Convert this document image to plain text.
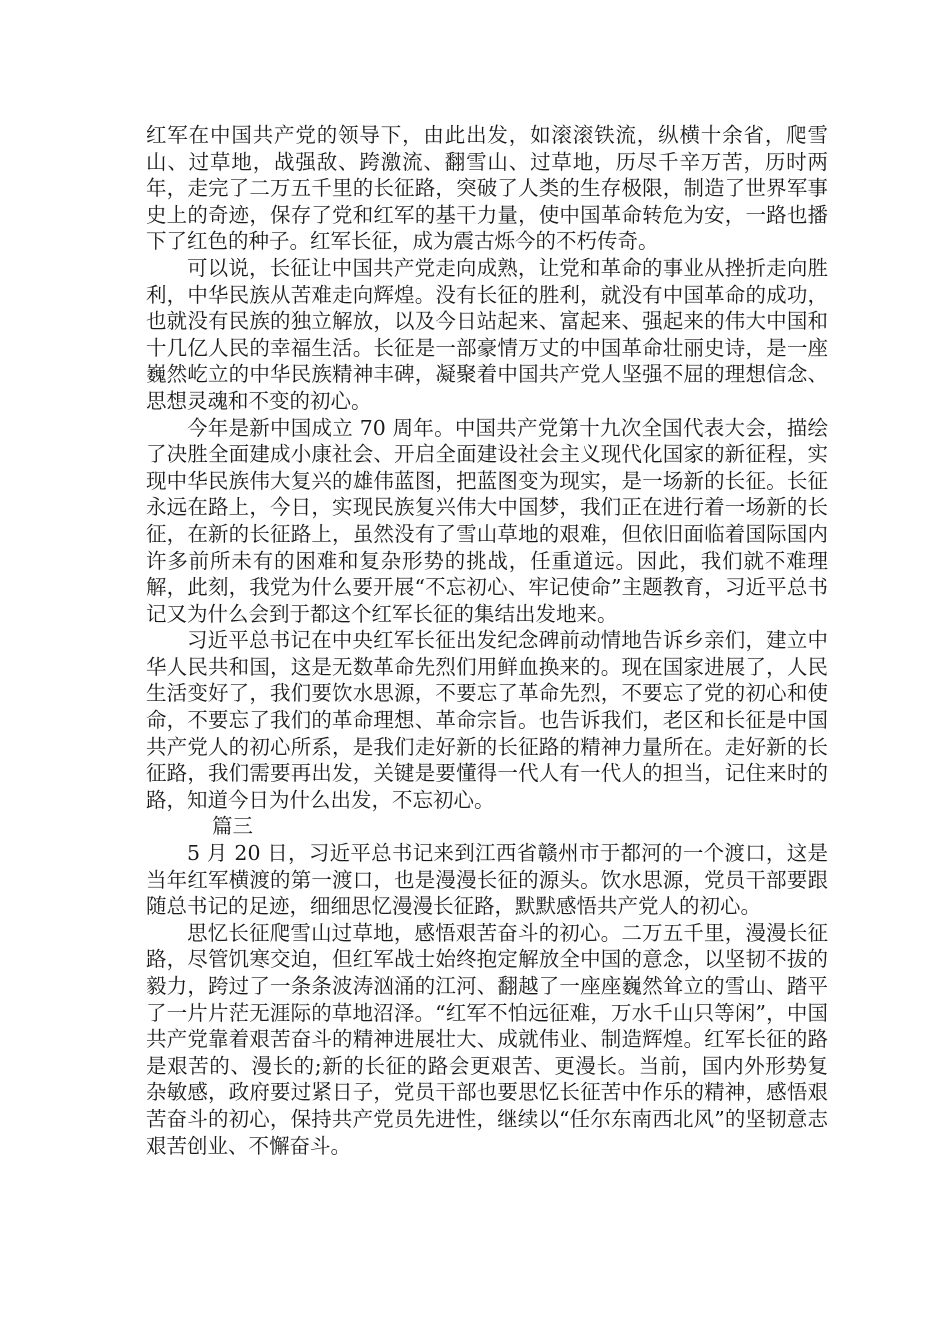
红军在中国共产党的领导下，由此出发，如滚滚铁流，纵横十余省，爬雪山、过草地，战强敌、跨激流、翻雪山、过草地，历尽千辛万苦，历时两年，走完了二万五千里的长征路，突破了人类的生存极限，制造了世界军事史上的奇迹，保存了党和红军的基干力量，使中国革命转危为安，一路也播下了红色的种子。红军长征，成为震古烁今的不朽传奇。

可以说，长征让中国共产党走向成熟，让党和革命的事业从挫折走向胜利，中华民族从苦难走向辉煌。没有长征的胜利，就没有中国革命的成功，也就没有民族的独立解放，以及今日站起来、富起来、强起来的伟大中国和十几亿人民的幸福生活。长征是一部豪情万丈的中国革命壮丽史诗，是一座巍然屹立的中华民族精神丰碑，凝聚着中国共产党人坚强不屈的理想信念、思想灵魂和不变的初心。

今年是新中国成立 70 周年。中国共产党第十九次全国代表大会，描绘了决胜全面建成小康社会、开启全面建设社会主义现代化国家的新征程，实现中华民族伟大复兴的雄伟蓝图，把蓝图变为现实，是一场新的长征。长征永远在路上，今日，实现民族复兴伟大中国梦，我们正在进行着一场新的长征，在新的长征路上，虽然没有了雪山草地的艰难，但依旧面临着国际国内许多前所未有的困难和复杂形势的挑战，任重道远。因此，我们就不难理解，此刻，我党为什么要开展“不忘初心、牢记使命”主题教育，习近平总书记又为什么会到于都这个红军长征的集结出发地来。

习近平总书记在中央红军长征出发纪念碑前动情地告诉乡亲们，建立中华人民共和国，这是无数革命先烈们用鲜血换来的。现在国家进展了，人民生活变好了，我们要饮水思源，不要忘了革命先烈，不要忘了党的初心和使命，不要忘了我们的革命理想、革命宗旨。也告诉我们，老区和长征是中国共产党人的初心所系，是我们走好新的长征路的精神力量所在。走好新的长征路，我们需要再出发，关键是要懂得一代人有一代人的担当，记住来时的路，知道今日为什么出发，不忘初心。

篇三

5 月 20 日，习近平总书记来到江西省赣州市于都河的一个渡口，这是当年红军横渡的第一渡口，也是漫漫长征的源头。饮水思源，党员干部要跟随总书记的足迹，细细思忆漫漫长征路，默默感悟共产党人的初心。

思忆长征爬雪山过草地，感悟艰苦奋斗的初心。二万五千里，漫漫长征路，尽管饥寒交迫，但红军战士始终抱定解放全中国的意念，以坚韧不拔的毅力，跨过了一条条波涛汹涌的江河、翻越了一座座巍然耸立的雪山、踏平了一片片茫无涯际的草地沼泽。“红军不怕远征难，万水千山只等闲”，中国共产党靠着艰苦奋斗的精神进展壮大、成就伟业、制造辉煌。红军长征的路是艰苦的、漫长的;新的长征的路会更艰苦、更漫长。当前，国内外形势复杂敏感，政府要过紧日子，党员干部也要思忆长征苦中作乐的精神，感悟艰苦奋斗的初心，保持共产党员先进性，继续以“任尔东南西北风”的坚韧意志艰苦创业、不懈奋斗。
